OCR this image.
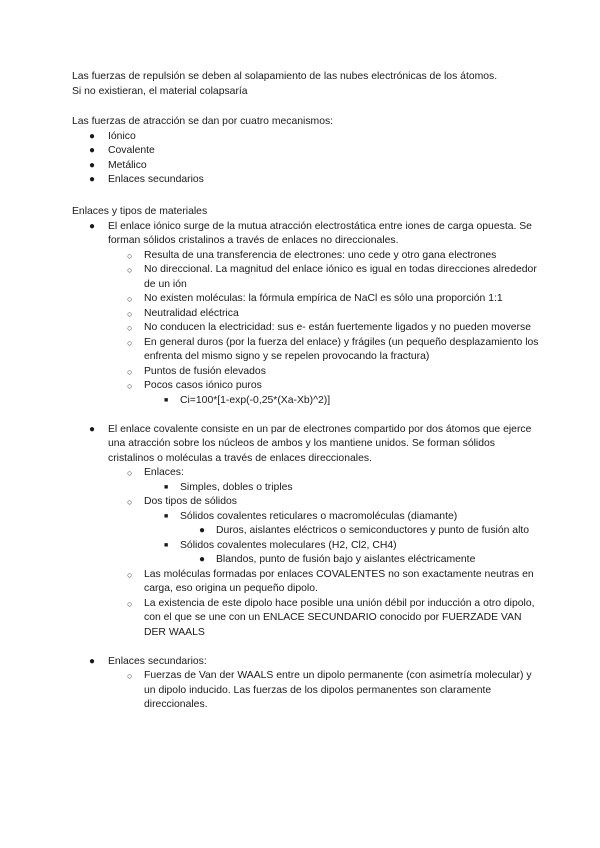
Las fuerzas de repulsión se deben al solapamiento de las nubes electrónicas de los átomos.
Si no existieran, el material colapsaría
Las fuerzas de atracción se dan por cuatro mecanismos:
● Iónico
● Covalente
● Metálico
● Enlaces secundarios
Enlaces y tipos de materiales
● El enlace iónico surge de la mutua atracción electrostática entre iones de carga opuesta. Se forman sólidos cristalinos a través de enlaces no direccionales.
○ Resulta de una transferencia de electrones: uno cede y otro gana electrones
○ No direccional. La magnitud del enlace iónico es igual en todas direcciones alrededor de un ión
○ No existen moléculas: la fórmula empírica de NaCl es sólo una proporción 1:1
○ Neutralidad eléctrica
○ No conducen la electricidad: sus e- están fuertemente ligados y no pueden moverse
○ En general duros (por la fuerza del enlace) y frágiles (un pequeño desplazamiento los enfrenta del mismo signo y se repelen provocando la fractura)
○ Puntos de fusión elevados
○ Pocos casos iónico puros
■ Ci=100*[1-exp(-0,25*(Xa-Xb)^2)]
● El enlace covalente consiste en un par de electrones compartido por dos átomos que ejerce una atracción sobre los núcleos de ambos y los mantiene unidos. Se forman sólidos cristalinos o moléculas a través de enlaces direccionales.
○ Enlaces:
■ Simples, dobles o triples
○ Dos tipos de sólidos
■ Sólidos covalentes reticulares o macromoléculas (diamante)
● Duros, aislantes eléctricos o semiconductores y punto de fusión alto
■ Sólidos covalentes moleculares (H2, Cl2, CH4)
● Blandos, punto de fusión bajo y aislantes eléctricamente
○ Las moléculas formadas por enlaces COVALENTES no son exactamente neutras en carga, eso origina un pequeño dipolo.
○ La existencia de este dipolo hace posible una unión débil por inducción a otro dipolo, con el que se une con un ENLACE SECUNDARIO conocido por FUERZADE VAN DER WAALS
● Enlaces secundarios:
○ Fuerzas de Van der WAALS entre un dipolo permanente (con asimetría molecular) y un dipolo inducido. Las fuerzas de los dipolos permanentes son claramente direccionales.
